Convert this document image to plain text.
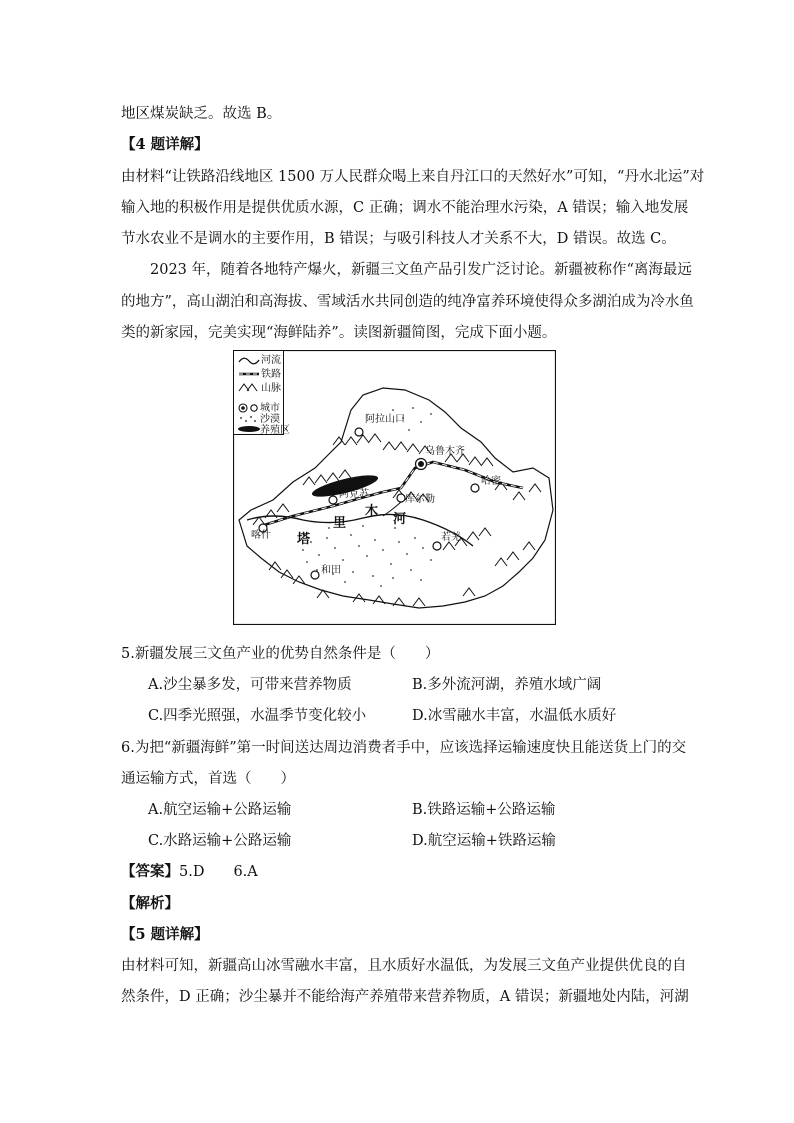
地区煤炭缺乏。故选 B。
【4 题详解】
由材料“让铁路沿线地区 1500 万人民群众喝上来自丹江口的天然好水”可知，“丹水北运”对
输入地的积极作用是提供优质水源，C 正确；调水不能治理水污染，A 错误；输入地发展
节水农业不是调水的主要作用，B 错误；与吸引科技人才关系不大，D 错误。故选 C。
2023 年，随着各地特产爆火，新疆三文鱼产品引发广泛讨论。新疆被称作“离海最远
的地方”，高山湖泊和高海拔、雪域活水共同创造的纯净富养环境使得众多湖泊成为冷水鱼
类的新家园，完美实现“海鲜陆养”。读图新疆简图，完成下面小题。
阿拉山口
乌鲁木齐
哈密
阿克苏	库尔勒
喀什	若羌
和田
塔
里
木
河
河流
铁路
山脉
城市
沙漠
养殖区
5.新疆发展三文鱼产业的优势自然条件是（　　）
A.沙尘暴多发，可带来营养物质	B.多外流河湖，养殖水域广阔
C.四季光照强，水温季节变化较小	D.冰雪融水丰富，水温低水质好
6.为把“新疆海鲜”第一时间送达周边消费者手中，应该选择运输速度快且能送货上门的交
通运输方式，首选（　　）
A.航空运输+公路运输	B.铁路运输+公路运输
C.水路运输+公路运输	D.航空运输+铁路运输
【答案】5.D　　6.A
【解析】
【5 题详解】
由材料可知，新疆高山冰雪融水丰富，且水质好水温低，为发展三文鱼产业提供优良的自
然条件，D 正确；沙尘暴并不能给海产养殖带来营养物质，A 错误；新疆地处内陆，河湖
